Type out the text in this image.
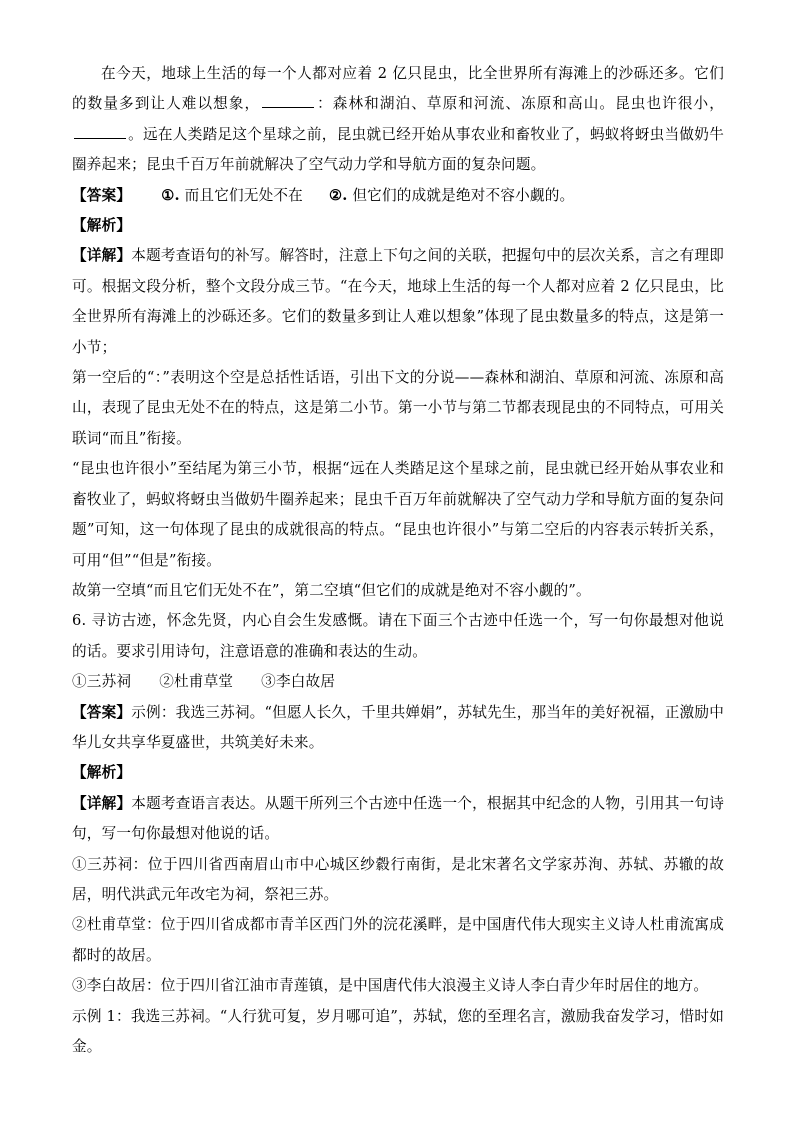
在今天，地球上生活的每一个人都对应着 2 亿只昆虫，比全世界所有海滩上的沙砾还多。它们的数量多到让人难以想象，	：森林和湖泊、草原和河流、冻原和高山。昆虫也许很小，。远在人类踏足这个星球之前，昆虫就已经开始从事农业和畜牧业了，蚂蚁将蚜虫当做奶牛圈养起来；昆虫千百万年前就解决了空气动力学和导航方面的复杂问题。

【答案】 ①. 而且它们无处不在 ②. 但它们的成就是绝对不容小觑的。

【解析】

【详解】本题考查语句的补写。解答时，注意上下句之间的关联，把握句中的层次关系，言之有理即可。根据文段分析，整个文段分成三节。“在今天，地球上生活的每一个人都对应着 2 亿只昆虫，比全世界所有海滩上的沙砾还多。它们的数量多到让人难以想象”体现了昆虫数量多的特点，这是第一小节；

第一空后的“：”表明这个空是总括性话语，引出下文的分说——森林和湖泊、草原和河流、冻原和高山，表现了昆虫无处不在的特点，这是第二小节。第一小节与第二节都表现昆虫的不同特点，可用关联词“而且”衔接。

“昆虫也许很小”至结尾为第三小节，根据“远在人类踏足这个星球之前，昆虫就已经开始从事农业和畜牧业了，蚂蚁将蚜虫当做奶牛圈养起来；昆虫千百万年前就解决了空气动力学和导航方面的复杂问题”可知，这一句体现了昆虫的成就很高的特点。“昆虫也许很小”与第二空后的内容表示转折关系，可用“但”“但是”衔接。

故第一空填“而且它们无处不在”，第二空填“但它们的成就是绝对不容小觑的”。

6. 寻访古迹，怀念先贤，内心自会生发感慨。请在下面三个古迹中任选一个，写一句你最想对他说的话。要求引用诗句，注意语意的准确和表达的生动。

①三苏祠 ②杜甫草堂 ③李白故居

【答案】示例：我选三苏祠。“但愿人长久，千里共婵娟”，苏轼先生，那当年的美好祝福，正激励中华儿女共享华夏盛世，共筑美好未来。

【解析】

【详解】本题考查语言表达。从题干所列三个古迹中任选一个，根据其中纪念的人物，引用其一句诗句，写一句你最想对他说的话。

①三苏祠：位于四川省西南眉山市中心城区纱縠行南街，是北宋著名文学家苏洵、苏轼、苏辙的故居，明代洪武元年改宅为祠，祭祀三苏。

②杜甫草堂：位于四川省成都市青羊区西门外的浣花溪畔，是中国唐代伟大现实主义诗人杜甫流寓成都时的故居。

③李白故居：位于四川省江油市青莲镇，是中国唐代伟大浪漫主义诗人李白青少年时居住的地方。

示例 1：我选三苏祠。“人行犹可复，岁月哪可追”，苏轼，您的至理名言，激励我奋发学习，惜时如金。
